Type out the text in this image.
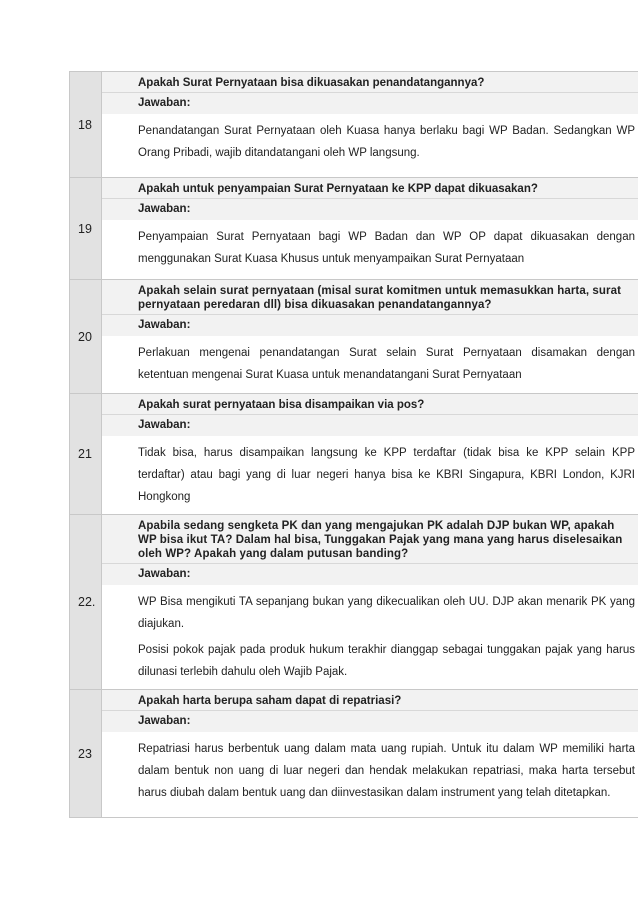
18	Apakah Surat Pernyataan bisa dikuasakan penandatangannya?
Jawaban:

Penandatangan Surat Pernyataan oleh Kuasa hanya berlaku bagi WP Badan. Sedangkan WP Orang Pribadi, wajib ditandatangani oleh WP langsung.

19	Apakah untuk penyampaian Surat Pernyataan ke KPP dapat dikuasakan?
Jawaban:

Penyampaian Surat Pernyataan bagi WP Badan dan WP OP dapat dikuasakan dengan menggunakan Surat Kuasa Khusus untuk menyampaikan Surat Pernyataan

20	Apakah selain surat pernyataan (misal surat komitmen untuk memasukkan harta, surat pernyataan peredaran dll) bisa dikuasakan penandatangannya?
Jawaban:

Perlakuan mengenai penandatangan Surat selain Surat Pernyataan disamakan dengan ketentuan mengenai Surat Kuasa untuk menandatangani Surat Pernyataan

21	Apakah surat pernyataan bisa disampaikan via pos?
Jawaban:

Tidak bisa, harus disampaikan langsung ke KPP terdaftar (tidak bisa ke KPP selain KPP terdaftar) atau bagi yang di luar negeri hanya bisa ke KBRI Singapura, KBRI London, KJRI Hongkong

22.	Apabila sedang sengketa PK dan yang mengajukan PK adalah DJP bukan WP, apakah WP bisa ikut TA? Dalam hal bisa, Tunggakan Pajak yang mana yang harus diselesaikan oleh WP? Apakah yang dalam putusan banding?
Jawaban:

WP Bisa mengikuti TA sepanjang bukan yang dikecualikan oleh UU. DJP akan menarik PK yang diajukan.

Posisi pokok pajak pada produk hukum terakhir dianggap sebagai tunggakan pajak yang harus dilunasi terlebih dahulu oleh Wajib Pajak.

23	Apakah harta berupa saham dapat di repatriasi?
Jawaban:

Repatriasi harus berbentuk uang dalam mata uang rupiah. Untuk itu dalam WP memiliki harta dalam bentuk non uang di luar negeri dan hendak melakukan repatriasi, maka harta tersebut harus diubah dalam bentuk uang dan diinvestasikan dalam instrument yang telah ditetapkan.
